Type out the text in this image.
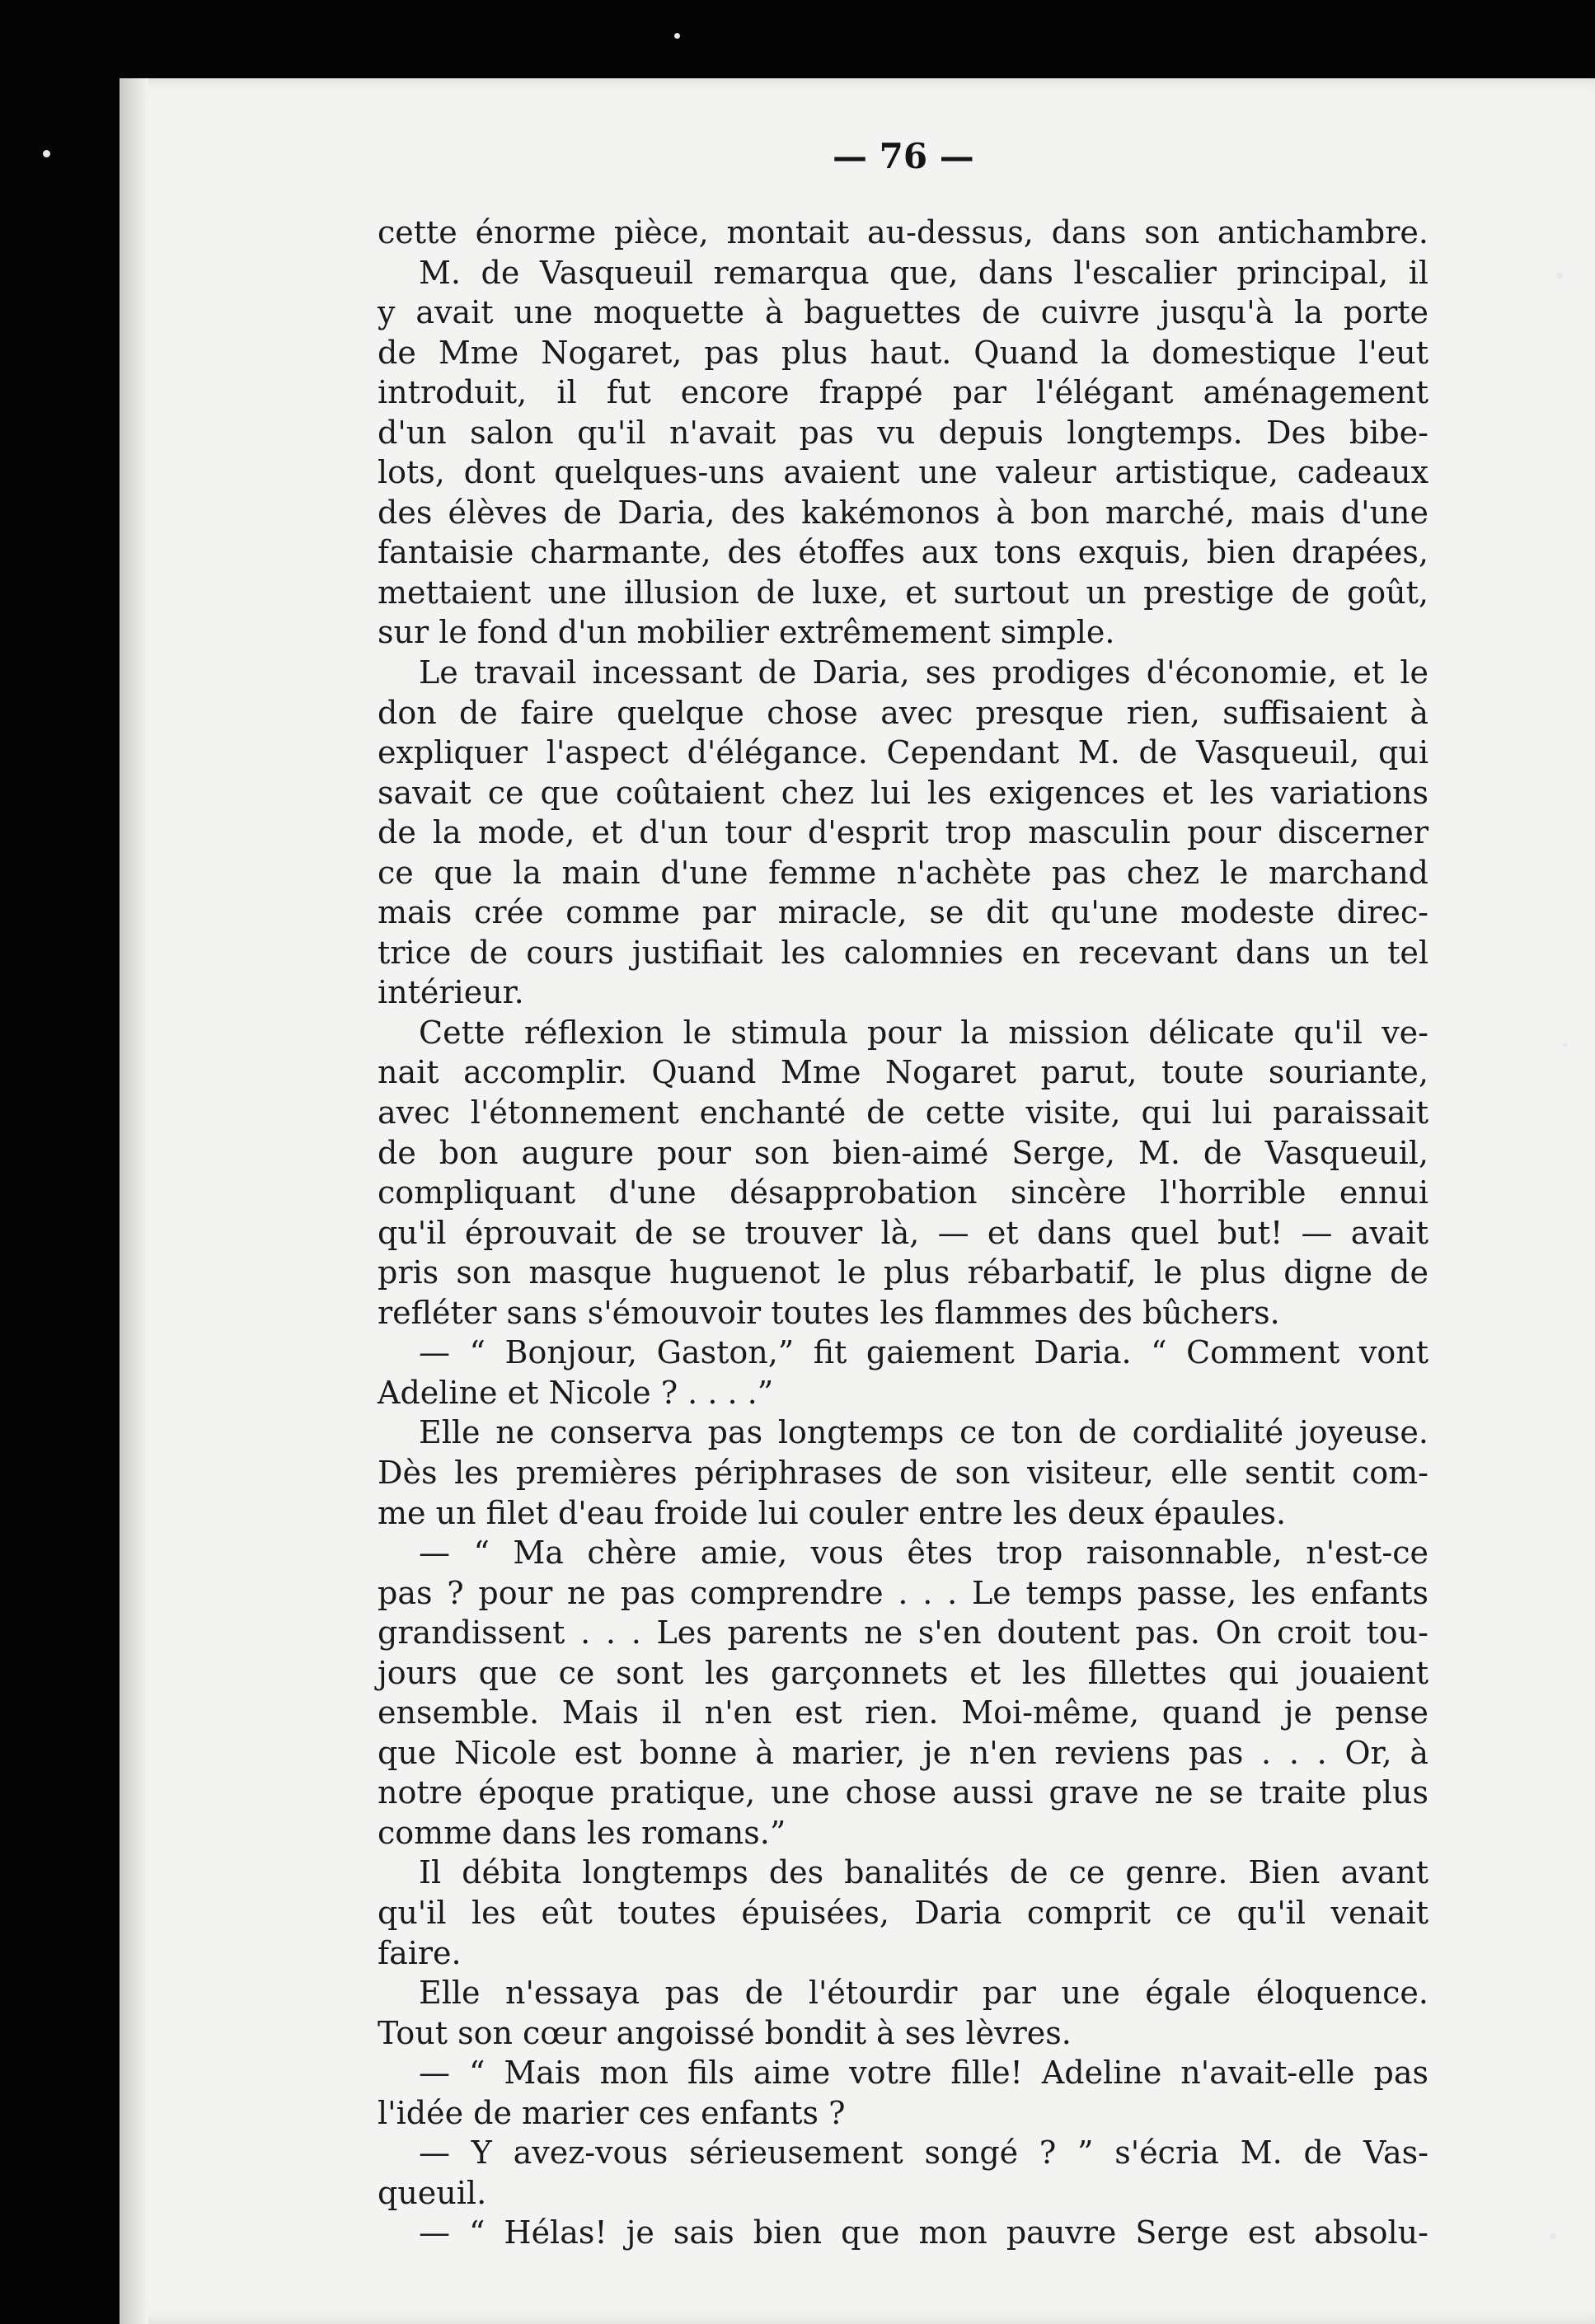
— 76 —
cette énorme pièce, montait au-dessus, dans son antichambre.
M. de Vasqueuil remarqua que, dans l'escalier principal, il
y avait une moquette à baguettes de cuivre jusqu'à la porte
de Mme Nogaret, pas plus haut. Quand la domestique l'eut
introduit, il fut encore frappé par l'élégant aménagement
d'un salon qu'il n'avait pas vu depuis longtemps. Des bibe-
lots, dont quelques-uns avaient une valeur artistique, cadeaux
des élèves de Daria, des kakémonos à bon marché, mais d'une
fantaisie charmante, des étoffes aux tons exquis, bien drapées,
mettaient une illusion de luxe, et surtout un prestige de goût,
sur le fond d'un mobilier extrêmement simple.
Le travail incessant de Daria, ses prodiges d'économie, et le
don de faire quelque chose avec presque rien, suffisaient à
expliquer l'aspect d'élégance. Cependant M. de Vasqueuil, qui
savait ce que coûtaient chez lui les exigences et les variations
de la mode, et d'un tour d'esprit trop masculin pour discerner
ce que la main d'une femme n'achète pas chez le marchand
mais crée comme par miracle, se dit qu'une modeste direc-
trice de cours justifiait les calomnies en recevant dans un tel
intérieur.
Cette réflexion le stimula pour la mission délicate qu'il ve-
nait accomplir. Quand Mme Nogaret parut, toute souriante,
avec l'étonnement enchanté de cette visite, qui lui paraissait
de bon augure pour son bien-aimé Serge, M. de Vasqueuil,
compliquant d'une désapprobation sincère l'horrible ennui
qu'il éprouvait de se trouver là, — et dans quel but! — avait
pris son masque huguenot le plus rébarbatif, le plus digne de
refléter sans s'émouvoir toutes les flammes des bûchers.
— “ Bonjour, Gaston,” fit gaiement Daria. “ Comment vont
Adeline et Nicole ? . . . .”
Elle ne conserva pas longtemps ce ton de cordialité joyeuse.
Dès les premières périphrases de son visiteur, elle sentit com-
me un filet d'eau froide lui couler entre les deux épaules.
— “ Ma chère amie, vous êtes trop raisonnable, n'est-ce
pas ? pour ne pas comprendre . . . Le temps passe, les enfants
grandissent . . . Les parents ne s'en doutent pas. On croit tou-
jours que ce sont les garçonnets et les fillettes qui jouaient
ensemble. Mais il n'en est rien. Moi-même, quand je pense
que Nicole est bonne à marier, je n'en reviens pas . . . Or, à
notre époque pratique, une chose aussi grave ne se traite plus
comme dans les romans.”
Il débita longtemps des banalités de ce genre. Bien avant
qu'il les eût toutes épuisées, Daria comprit ce qu'il venait
faire.
Elle n'essaya pas de l'étourdir par une égale éloquence.
Tout son cœur angoissé bondit à ses lèvres.
— “ Mais mon fils aime votre fille! Adeline n'avait-elle pas
l'idée de marier ces enfants ?
— Y avez-vous sérieusement songé ? ” s'écria M. de Vas-
queuil.
— “ Hélas! je sais bien que mon pauvre Serge est absolu-
